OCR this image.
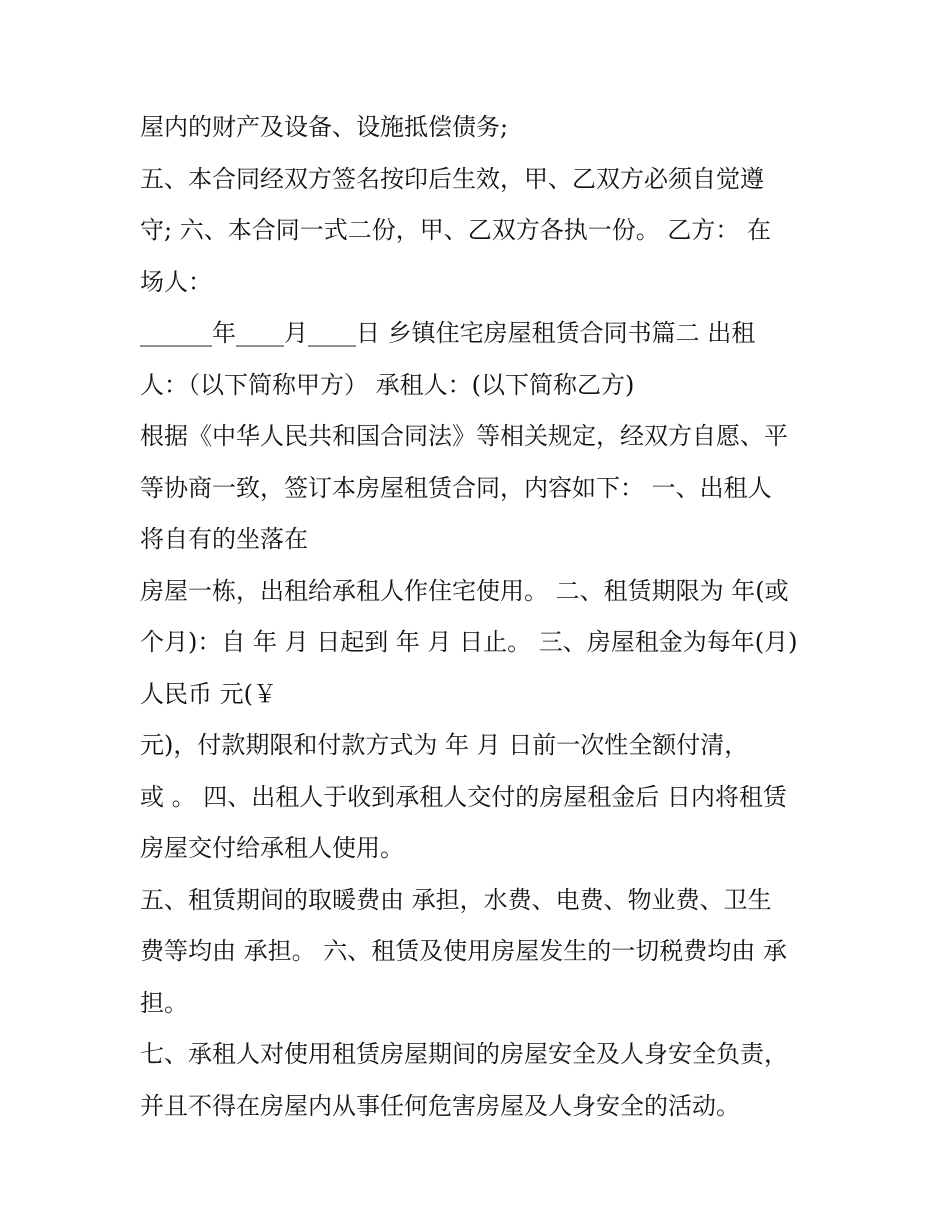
屋内的财产及设备、设施抵偿债务;
五、本合同经双方签名按印后生效，甲、乙双方必须自觉遵
守; 六、本合同一式二份，甲、乙双方各执一份。 乙方： 在
场人：
______年____月____日 乡镇住宅房屋租赁合同书篇二 出租
人：（以下简称甲方） 承租人：(以下简称乙方)
根据《中华人民共和国合同法》等相关规定，经双方自愿、平
等协商一致，签订本房屋租赁合同，内容如下： 一、出租人
将自有的坐落在
房屋一栋，出租给承租人作住宅使用。 二、租赁期限为 年(或
个月)：自 年 月 日起到 年 月 日止。 三、房屋租金为每年(月)
人民币 元(￥
元)，付款期限和付款方式为 年 月 日前一次性全额付清，
或 。 四、出租人于收到承租人交付的房屋租金后 日内将租赁
房屋交付给承租人使用。
五、租赁期间的取暖费由 承担，水费、电费、物业费、卫生
费等均由 承担。 六、租赁及使用房屋发生的一切税费均由 承
担。
七、承租人对使用租赁房屋期间的房屋安全及人身安全负责，
并且不得在房屋内从事任何危害房屋及人身安全的活动。
